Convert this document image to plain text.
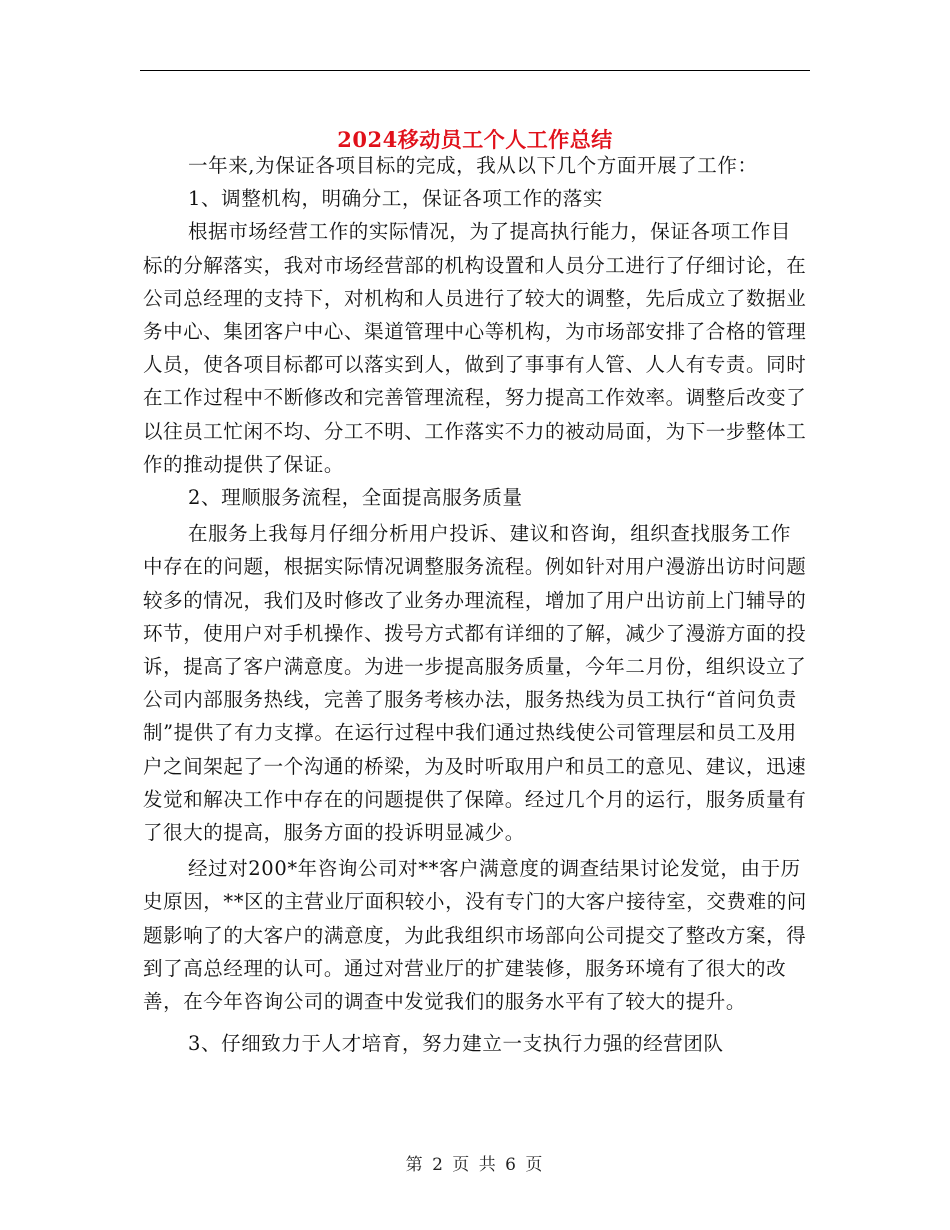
2024移动员工个人工作总结

一年来,为保证各项目标的完成，我从以下几个方面开展了工作：

1、调整机构，明确分工，保证各项工作的落实

根据市场经营工作的实际情况，为了提高执行能力，保证各项工作目标的分解落实，我对市场经营部的机构设置和人员分工进行了仔细讨论，在公司总经理的支持下，对机构和人员进行了较大的调整，先后成立了数据业务中心、集团客户中心、渠道管理中心等机构，为市场部安排了合格的管理人员，使各项目标都可以落实到人，做到了事事有人管、人人有专责。同时在工作过程中不断修改和完善管理流程，努力提高工作效率。调整后改变了以往员工忙闲不均、分工不明、工作落实不力的被动局面，为下一步整体工作的推动提供了保证。

2、理顺服务流程，全面提高服务质量

在服务上我每月仔细分析用户投诉、建议和咨询，组织查找服务工作中存在的问题，根据实际情况调整服务流程。例如针对用户漫游出访时问题较多的情况，我们及时修改了业务办理流程，增加了用户出访前上门辅导的环节，使用户对手机操作、拨号方式都有详细的了解，减少了漫游方面的投诉，提高了客户满意度。为进一步提高服务质量，今年二月份，组织设立了公司内部服务热线，完善了服务考核办法，服务热线为员工执行“首问负责制”提供了有力支撑。在运行过程中我们通过热线使公司管理层和员工及用户之间架起了一个沟通的桥梁，为及时听取用户和员工的意见、建议，迅速发觉和解决工作中存在的问题提供了保障。经过几个月的运行，服务质量有了很大的提高，服务方面的投诉明显减少。

经过对200*年咨询公司对**客户满意度的调查结果讨论发觉，由于历史原因，**区的主营业厅面积较小，没有专门的大客户接待室，交费难的问题影响了的大客户的满意度，为此我组织市场部向公司提交了整改方案，得到了高总经理的认可。通过对营业厅的扩建装修，服务环境有了很大的改善，在今年咨询公司的调查中发觉我们的服务水平有了较大的提升。

3、仔细致力于人才培育，努力建立一支执行力强的经营团队

第 2 页 共 6 页
